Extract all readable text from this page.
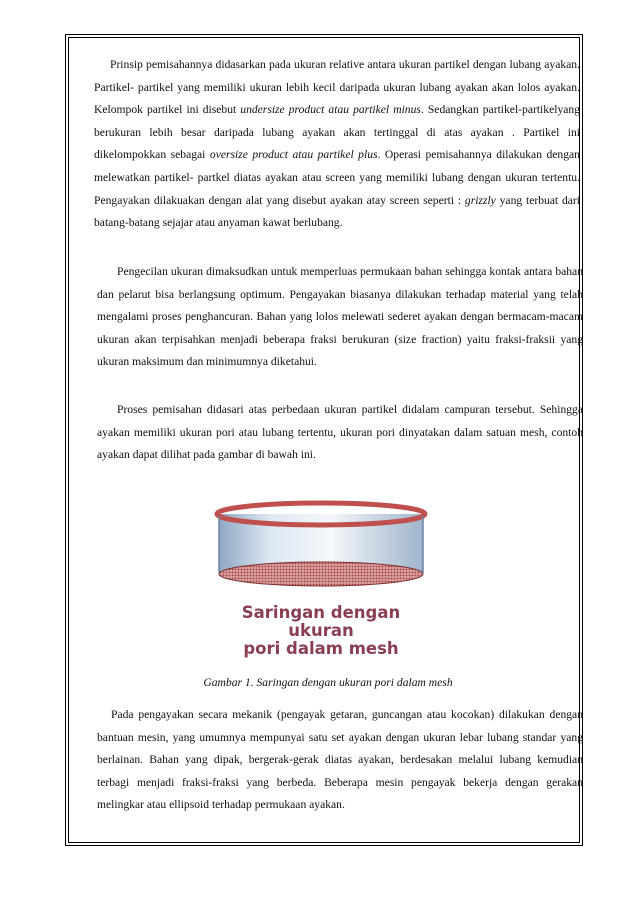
Prinsip pemisahannya didasarkan pada ukuran relative antara ukuran partikel dengan lubang ayakan. Partikel- partikel yang memiliki ukuran lebih kecil daripada ukuran lubang ayakan akan lolos ayakan. Kelompok partikel ini disebut undersize product atau partikel minus. Sedangkan partikel-partikelyang berukuran lebih besar daripada lubang ayakan akan tertinggal di atas ayakan . Partikel ini dikelompokkan sebagai oversize product atau partikel plus. Operasi pemisahannya dilakukan dengan melewatkan partikel- partkel diatas ayakan atau screen yang memiliki lubang dengan ukuran tertentu. Pengayakan dilakuakan dengan alat yang disebut ayakan atay screen seperti : grizzly yang terbuat dari batang-batang sejajar atau anyaman kawat berlubang.

Pengecilan ukuran dimaksudkan untuk memperluas permukaan bahan sehingga kontak antara bahan dan pelarut bisa berlangsung optimum. Pengayakan biasanya dilakukan terhadap material yang telah mengalami proses penghancuran. Bahan yang lolos melewati sederet ayakan dengan bermacam-macam ukuran akan terpisahkan menjadi beberapa fraksi berukuran (size fraction) yaitu fraksi-fraksii yang ukuran maksimum dan minimumnya diketahui.

Proses pemisahan didasari atas perbedaan ukuran partikel didalam campuran tersebut. Sehingga ayakan memiliki ukuran pori atau lubang tertentu, ukuran pori dinyatakan dalam satuan mesh, contoh ayakan dapat dilihat pada gambar di bawah ini.

Saringan dengan ukuran
pori dalam mesh

Gambar 1. Saringan dengan ukuran pori dalam mesh

Pada pengayakan secara mekanik (pengayak getaran, guncangan atau kocokan) dilakukan dengan bantuan mesin, yang umumnya mempunyai satu set ayakan dengan ukuran lebar lubang standar yang berlainan. Bahan yang dipak, bergerak-gerak diatas ayakan, berdesakan melalui lubang kemudian terbagi menjadi fraksi-fraksi yang berbeda. Beberapa mesin pengayak bekerja dengan gerakan melingkar atau ellipsoid terhadap permukaan ayakan.
